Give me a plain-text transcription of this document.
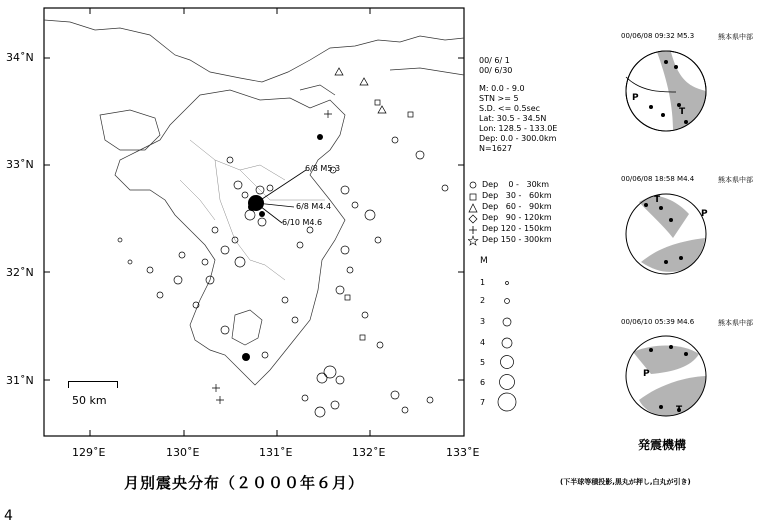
34˚N
33˚N
32˚N
31˚N
129˚E	130˚E	131˚E	132˚E	133˚E
50 km
6/8 M5.3
6/8 M4.4
6/10 M4.6
月別震央分布（２０００年６月）
4
00/ 6/ 1
00/ 6/30
M: 0.0 - 9.0
STN >= 5
S.D. <= 0.5sec
Lat: 30.5 - 34.5N
Lon: 128.5 - 133.0E
Dep: 0.0 - 300.0km
N=1627
Dep    0 -   30km
Dep   30 -   60km
Dep   60 -   90km
Dep   90 - 120km
Dep 120 - 150km
Dep 150 - 300km
M
1
2
3
4
5
6
7
00/06/08 09:32 M5.3	熊本県中部
P
T
00/06/08 18:58 M4.4	熊本県中部
T
P
00/06/10 05:39 M4.6	熊本県中部
P
T
発震機構
(下半球等積投影,黒丸が押し,白丸が引き)
